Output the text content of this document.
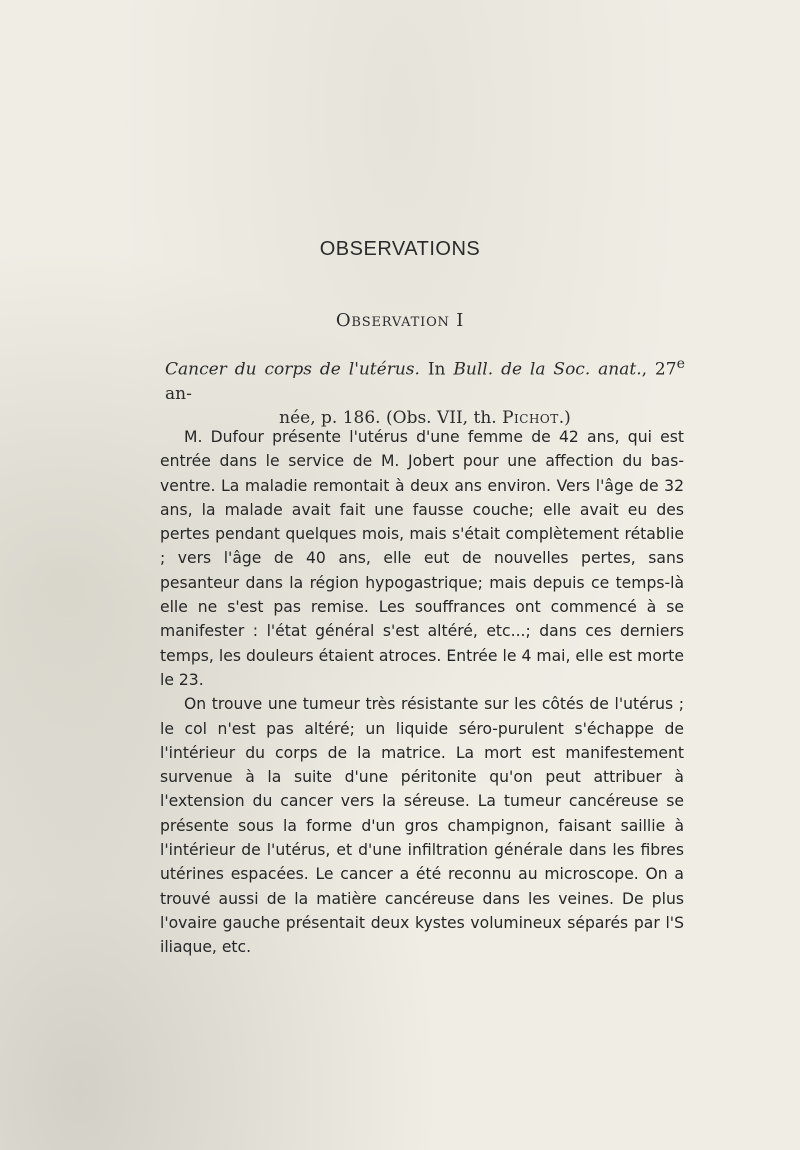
OBSERVATIONS
Observation I
Cancer du corps de l'utérus. In Bull. de la Soc. anat., 27e an-
née, p. 186. (Obs. VII, th. Pichot.)

M. Dufour présente l'utérus d'une femme de 42 ans, qui est entrée dans le service de M. Jobert pour une affection du bas-ventre. La maladie remontait à deux ans environ. Vers l'âge de 32 ans, la malade avait fait une fausse couche; elle avait eu des pertes pendant quelques mois, mais s'était complètement rétablie ; vers l'âge de 40 ans, elle eut de nouvelles pertes, sans pesanteur dans la région hypogastrique; mais depuis ce temps-là elle ne s'est pas remise. Les souffrances ont commencé à se manifester : l'état général s'est altéré, etc...; dans ces derniers temps, les douleurs étaient atroces. Entrée le 4 mai, elle est morte le 23.

On trouve une tumeur très résistante sur les côtés de l'utérus ; le col n'est pas altéré; un liquide séro-purulent s'échappe de l'intérieur du corps de la matrice. La mort est manifestement survenue à la suite d'une péritonite qu'on peut attribuer à l'extension du cancer vers la séreuse. La tumeur cancéreuse se présente sous la forme d'un gros champignon, faisant saillie à l'intérieur de l'utérus, et d'une infiltration générale dans les fibres utérines espacées. Le cancer a été reconnu au microscope. On a trouvé aussi de la matière cancéreuse dans les veines. De plus l'ovaire gauche présentait deux kystes volumineux séparés par l'S iliaque, etc.
